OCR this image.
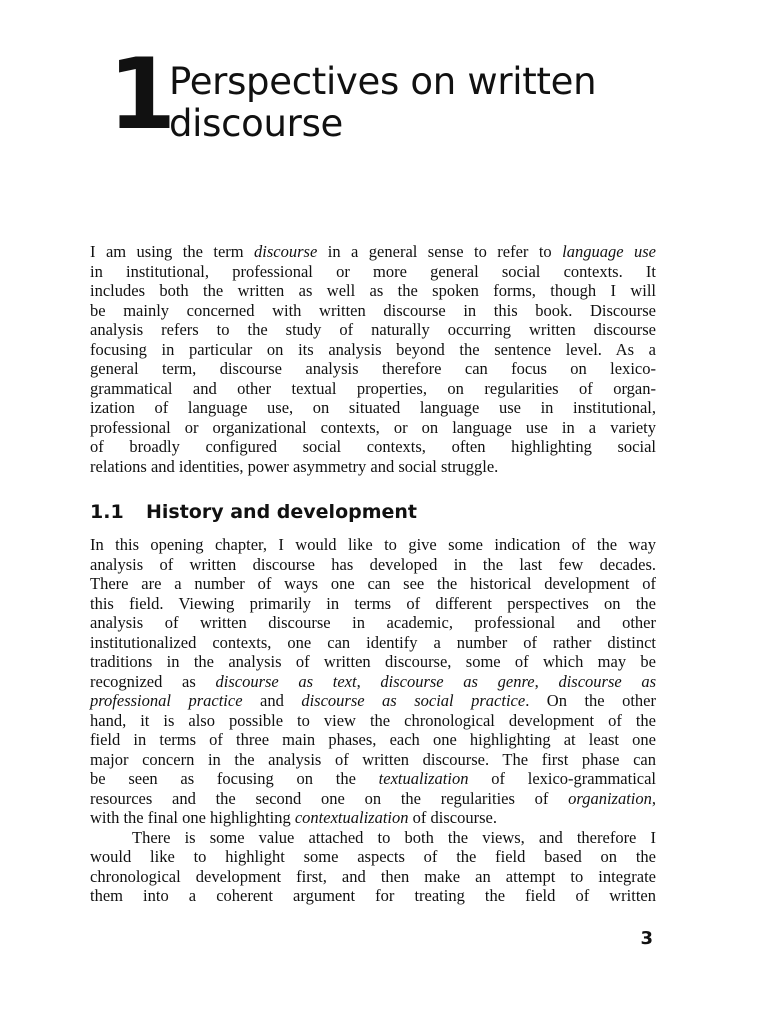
1
Perspectives on written
discourse
I am using the term discourse in a general sense to refer to language use
in institutional, professional or more general social contexts. It
includes both the written as well as the spoken forms, though I will
be mainly concerned with written discourse in this book. Discourse
analysis refers to the study of naturally occurring written discourse
focusing in particular on its analysis beyond the sentence level. As a
general term, discourse analysis therefore can focus on lexico-
grammatical and other textual properties, on regularities of organ-
ization of language use, on situated language use in institutional,
professional or organizational contexts, or on language use in a variety
of broadly configured social contexts, often highlighting social
relations and identities, power asymmetry and social struggle.
1.1 History and development
In this opening chapter, I would like to give some indication of the way
analysis of written discourse has developed in the last few decades.
There are a number of ways one can see the historical development of
this field. Viewing primarily in terms of different perspectives on the
analysis of written discourse in academic, professional and other
institutionalized contexts, one can identify a number of rather distinct
traditions in the analysis of written discourse, some of which may be
recognized as discourse as text, discourse as genre, discourse as
professional practice and discourse as social practice. On the other
hand, it is also possible to view the chronological development of the
field in terms of three main phases, each one highlighting at least one
major concern in the analysis of written discourse. The first phase can
be seen as focusing on the textualization of lexico-grammatical
resources and the second one on the regularities of organization,
with the final one highlighting contextualization of discourse.
There is some value attached to both the views, and therefore I
would like to highlight some aspects of the field based on the
chronological development first, and then make an attempt to integrate
them into a coherent argument for treating the field of written
3
